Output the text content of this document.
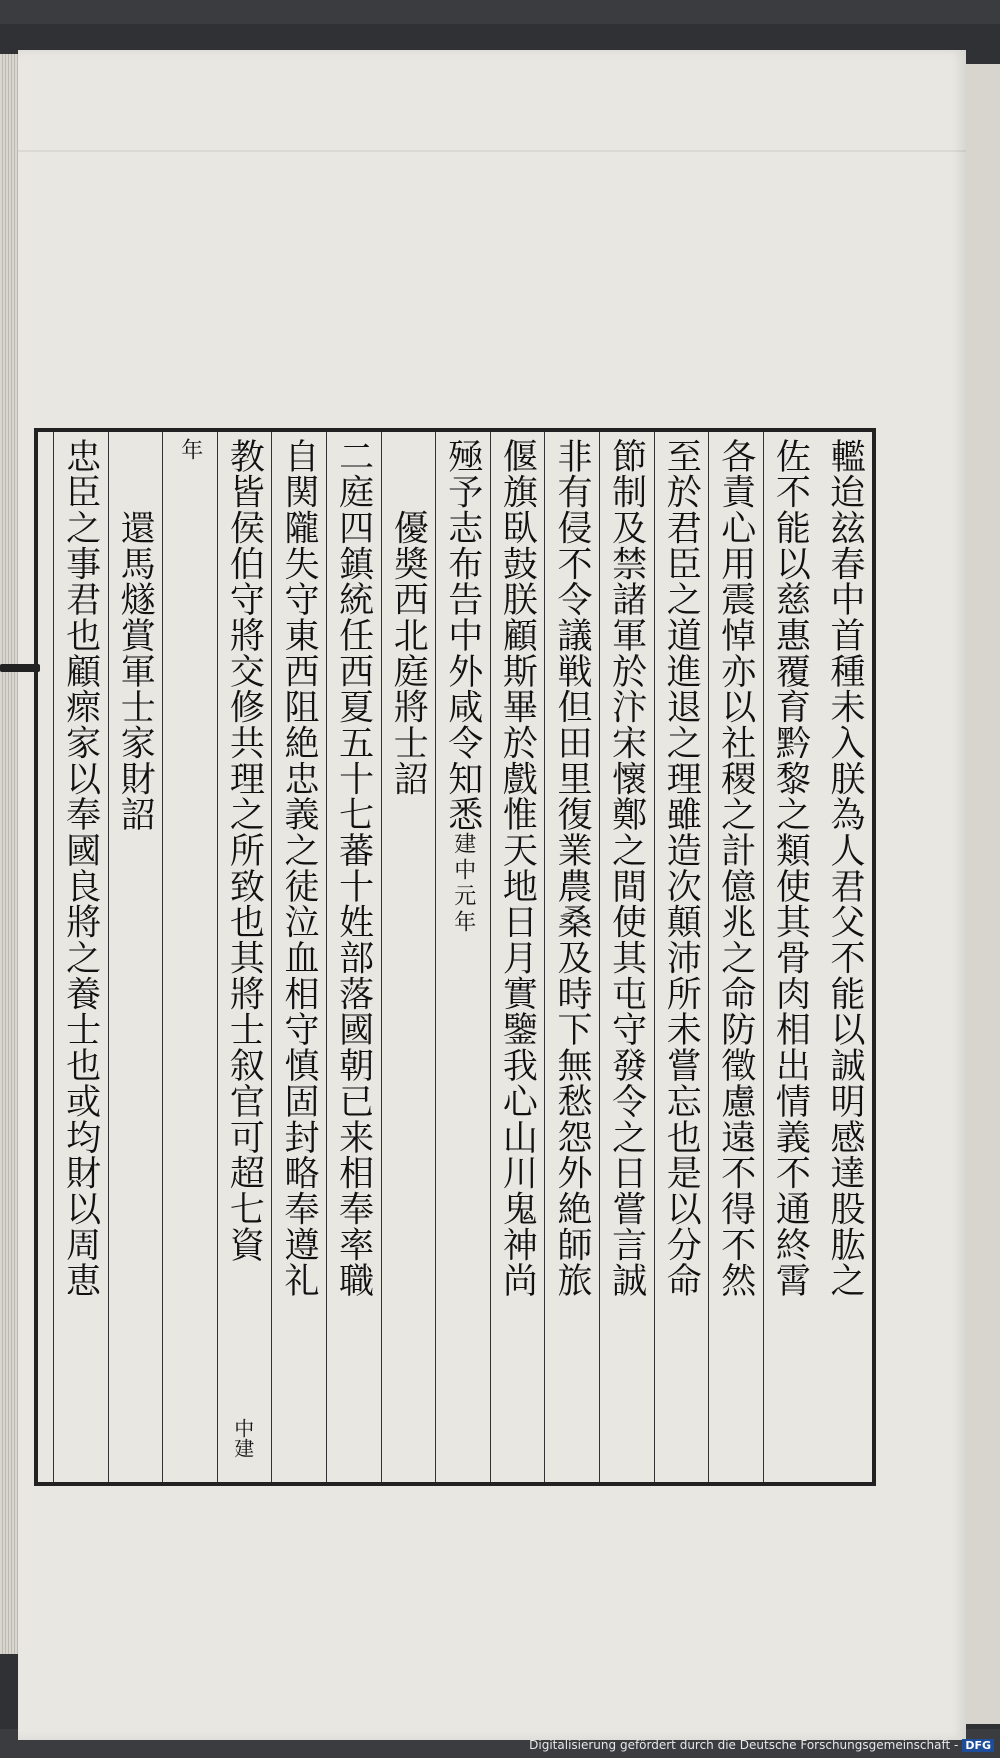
轞迨玆春中首種未入朕為人君父不能以誠明感達股肱之
佐不能以慈惠覆育黔黎之類使其骨肉相出情義不通終霄
各責心用震悼亦以社稷之計億兆之命防徵慮遠不得不然
至於君臣之道進退之理雖造次顛沛所未嘗忘也是以分命
節制及禁諸軍於汴宋懷鄭之間使其屯守發令之日嘗言誠
非有侵不令議戦但田里復業農桑及時下無愁怨外絶師旅
偃旗臥鼓朕顧斯畢於戲惟天地日月實鑒我心山川鬼神尚
殛予志布告中外咸令知悉建中元年
　　優奬西北庭將士詔
二庭四鎮統任西夏五十七蕃十姓部落國朝已来相奉率職
自関隴失守東西阻絶忠義之徒泣血相守慎固封略奉遵礼
教皆侯伯守將交修共理之所致也其將士叙官可超七資
年
　　還馬燧賞軍士家財詔
忠臣之事君也顧瘝家以奉國良將之養士也或均財以周恵
中建
Digitalisierung gefördert durch die Deutsche Forschungsgemeinschaft - DFG
